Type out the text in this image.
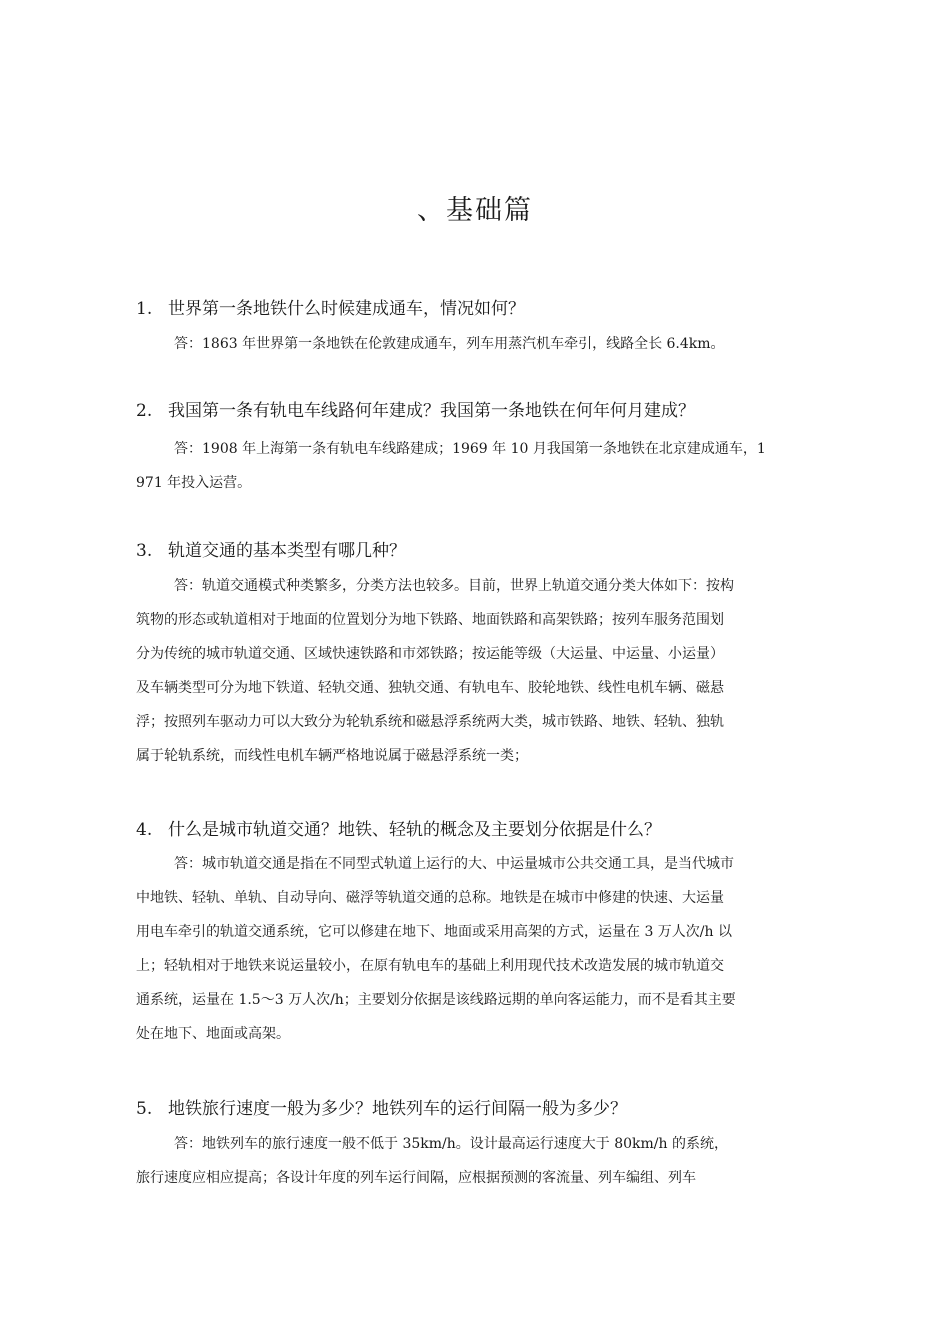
、基础篇
1. 世界第一条地铁什么时候建成通车，情况如何？
答：1863 年世界第一条地铁在伦敦建成通车，列车用蒸汽机车牵引，线路全长 6.4km。
2. 我国第一条有轨电车线路何年建成？我国第一条地铁在何年何月建成？
答：1908 年上海第一条有轨电车线路建成；1969 年 10 月我国第一条地铁在北京建成通车，1
971 年投入运营。
3. 轨道交通的基本类型有哪几种？
答：轨道交通模式种类繁多，分类方法也较多。目前，世界上轨道交通分类大体如下：按构
筑物的形态或轨道相对于地面的位置划分为地下铁路、地面铁路和高架铁路；按列车服务范围划
分为传统的城市轨道交通、区域快速铁路和市郊铁路；按运能等级（大运量、中运量、小运量）
及车辆类型可分为地下铁道、轻轨交通、独轨交通、有轨电车、胶轮地铁、线性电机车辆、磁悬
浮；按照列车驱动力可以大致分为轮轨系统和磁悬浮系统两大类，城市铁路、地铁、轻轨、独轨
属于轮轨系统，而线性电机车辆严格地说属于磁悬浮系统一类；
4. 什么是城市轨道交通？地铁、轻轨的概念及主要划分依据是什么？
答：城市轨道交通是指在不同型式轨道上运行的大、中运量城市公共交通工具，是当代城市
中地铁、轻轨、单轨、自动导向、磁浮等轨道交通的总称。地铁是在城市中修建的快速、大运量
用电车牵引的轨道交通系统，它可以修建在地下、地面或采用高架的方式，运量在 3 万人次/h 以
上；轻轨相对于地铁来说运量较小，在原有轨电车的基础上利用现代技术改造发展的城市轨道交
通系统，运量在 1.5～3 万人次/h；主要划分依据是该线路远期的单向客运能力，而不是看其主要
处在地下、地面或高架。
5. 地铁旅行速度一般为多少？地铁列车的运行间隔一般为多少？
答：地铁列车的旅行速度一般不低于 35km/h。设计最高运行速度大于 80km/h 的系统，
旅行速度应相应提高；各设计年度的列车运行间隔，应根据预测的客流量、列车编组、列车
